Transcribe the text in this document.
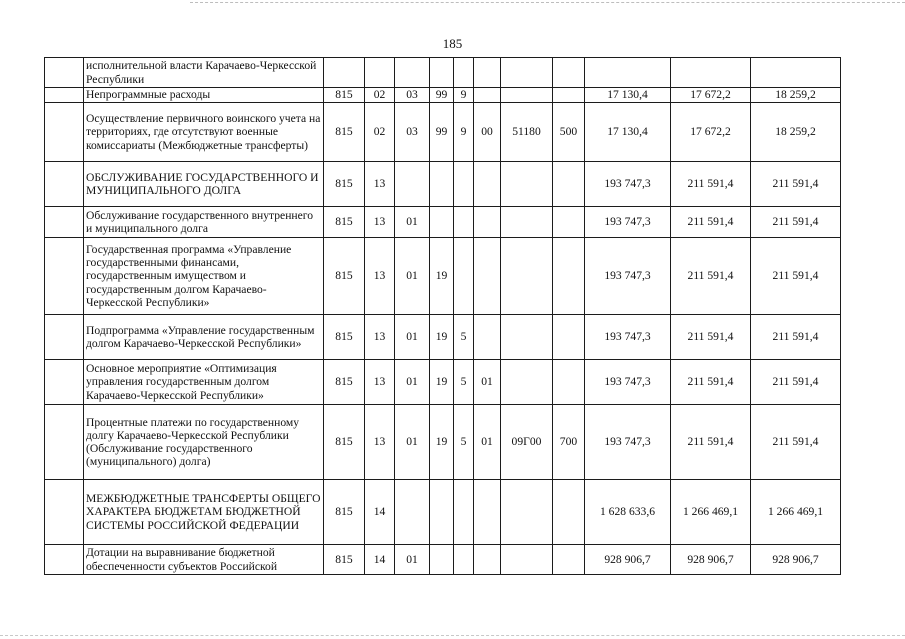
185
	исполнительной власти Карачаево-Черкесской Республики											
	Непрограммные расходы	815	02	03	99	9				17 130,4	17 672,2	18 259,2
	Осуществление первичного воинского учета на территориях, где отсутствуют военные комиссариаты (Межбюджетные трансферты)	815	02	03	99	9	00	51180	500	17 130,4	17 672,2	18 259,2
	ОБСЛУЖИВАНИЕ ГОСУДАРСТВЕННОГО И МУНИЦИПАЛЬНОГО ДОЛГА	815	13							193 747,3	211 591,4	211 591,4
	Обслуживание государственного внутреннего и муниципального долга	815	13	01						193 747,3	211 591,4	211 591,4
	Государственная программа «Управление государственными финансами, государственным имуществом и государственным долгом Карачаево-Черкесской Республики»	815	13	01	19					193 747,3	211 591,4	211 591,4
	Подпрограмма «Управление государственным долгом Карачаево-Черкесской Республики»	815	13	01	19	5				193 747,3	211 591,4	211 591,4
	Основное мероприятие «Оптимизация управления государственным долгом Карачаево-Черкесской Республики»	815	13	01	19	5	01			193 747,3	211 591,4	211 591,4
	Процентные платежи по государственному долгу Карачаево-Черкесской Республики (Обслуживание государственного (муниципального) долга)	815	13	01	19	5	01	09Г00	700	193 747,3	211 591,4	211 591,4
	МЕЖБЮДЖЕТНЫЕ ТРАНСФЕРТЫ ОБЩЕГО ХАРАКТЕРА БЮДЖЕТАМ БЮДЖЕТНОЙ СИСТЕМЫ РОССИЙСКОЙ ФЕДЕРАЦИИ	815	14							1 628 633,6	1 266 469,1	1 266 469,1
	Дотации на выравнивание бюджетной обеспеченности субъектов Российской	815	14	01						928 906,7	928 906,7	928 906,7
